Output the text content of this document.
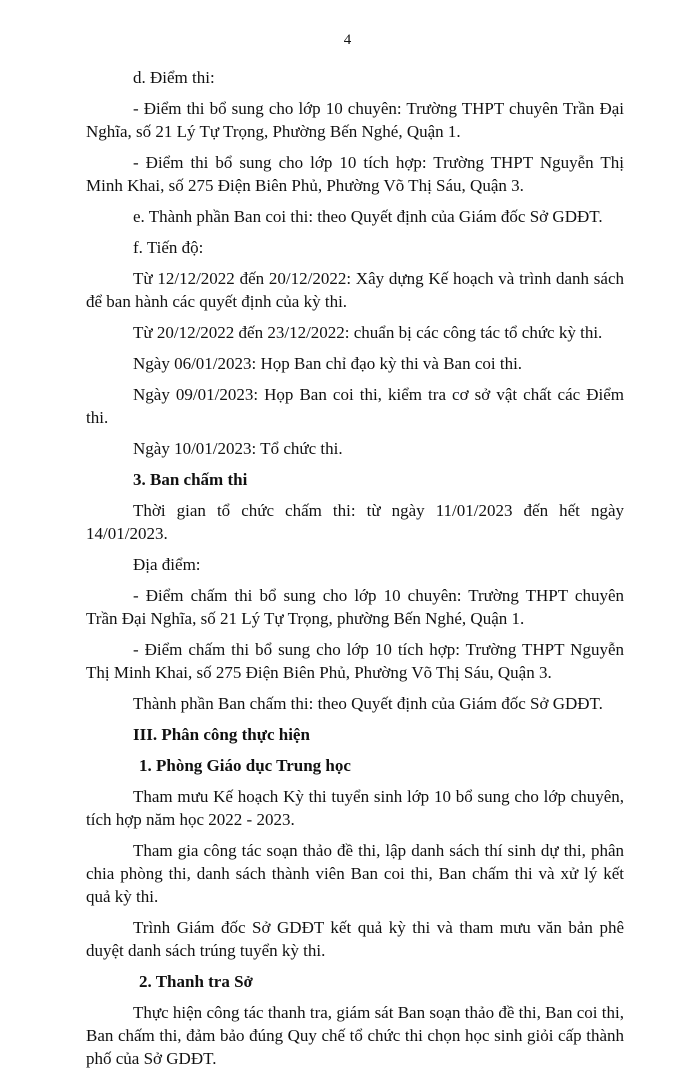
4

d. Điểm thi:

- Điểm thi bổ sung cho lớp 10 chuyên: Trường THPT chuyên Trần Đại Nghĩa, số 21 Lý Tự Trọng, Phường Bến Nghé, Quận 1.

- Điểm thi bổ sung cho lớp 10 tích hợp: Trường THPT Nguyễn Thị Minh Khai, số 275 Điện Biên Phủ, Phường Võ Thị Sáu, Quận 3.

e. Thành phần Ban coi thi: theo Quyết định của Giám đốc Sở GDĐT.

f. Tiến độ:

Từ 12/12/2022 đến 20/12/2022: Xây dựng Kế hoạch và trình danh sách để ban hành các quyết định của kỳ thi.

Từ 20/12/2022 đến 23/12/2022: chuẩn bị các công tác tổ chức kỳ thi.

Ngày 06/01/2023: Họp Ban chỉ đạo kỳ thi và Ban coi thi.

Ngày 09/01/2023: Họp Ban coi thi, kiểm tra cơ sở vật chất các Điểm thi.

Ngày 10/01/2023: Tổ chức thi.

3. Ban chấm thi

Thời gian tổ chức chấm thi: từ ngày 11/01/2023 đến hết ngày 14/01/2023.

Địa điểm:

- Điểm chấm thi bổ sung cho lớp 10 chuyên: Trường THPT chuyên Trần Đại Nghĩa, số 21 Lý Tự Trọng, phường Bến Nghé, Quận 1.

- Điểm chấm thi bổ sung cho lớp 10 tích hợp: Trường THPT Nguyễn Thị Minh Khai, số 275 Điện Biên Phủ, Phường Võ Thị Sáu, Quận 3.

Thành phần Ban chấm thi: theo Quyết định của Giám đốc Sở GDĐT.

III. Phân công thực hiện

1. Phòng Giáo dục Trung học

Tham mưu Kế hoạch Kỳ thi tuyển sinh lớp 10 bổ sung cho lớp chuyên, tích hợp năm học 2022 - 2023.

Tham gia công tác soạn thảo đề thi, lập danh sách thí sinh dự thi, phân chia phòng thi, danh sách thành viên Ban coi thi, Ban chấm thi và xử lý kết quả kỳ thi.

Trình Giám đốc Sở GDĐT kết quả kỳ thi và tham mưu văn bản phê duyệt danh sách trúng tuyển kỳ thi.

2. Thanh tra Sở

Thực hiện công tác thanh tra, giám sát Ban soạn thảo đề thi, Ban coi thi, Ban chấm thi, đảm bảo đúng Quy chế tổ chức thi chọn học sinh giỏi cấp thành phố của Sở GDĐT.
